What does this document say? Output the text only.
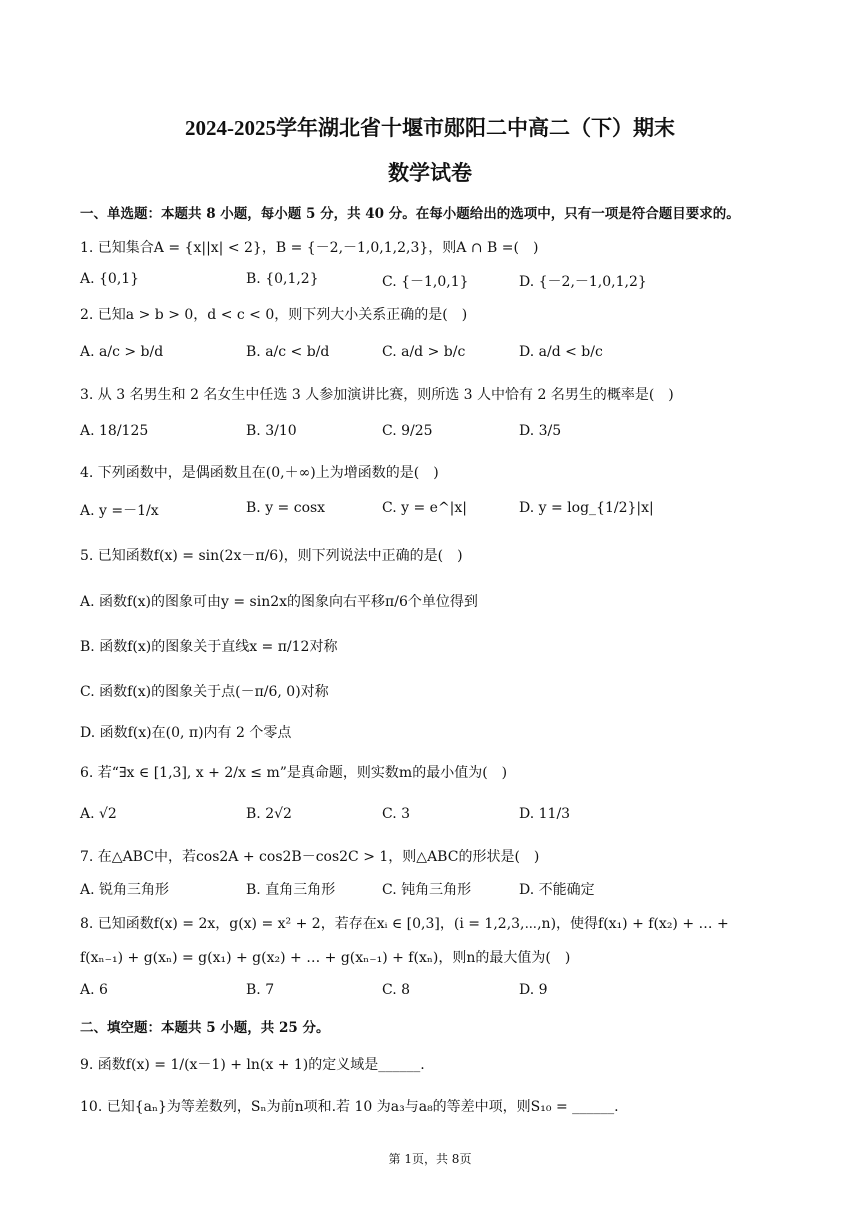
2024-2025学年湖北省十堰市郧阳二中高二（下）期末
数学试卷
一、单选题：本题共 8 小题，每小题 5 分，共 40 分。在每小题给出的选项中，只有一项是符合题目要求的。
1. 已知集合A = {x||x| < 2}，B = {－2,－1,0,1,2,3}，则A ∩ B =(　)
A. {0,1}	B. {0,1,2}	C. {－1,0,1}	D. {－2,－1,0,1,2}
2. 已知a > b > 0，d < c < 0，则下列大小关系正确的是(　)
A. a/c > b/d	B. a/c < b/d	C. a/d > b/c	D. a/d < b/c
3. 从 3 名男生和 2 名女生中任选 3 人参加演讲比赛，则所选 3 人中恰有 2 名男生的概率是(　)
A. 18/125	B. 3/10	C. 9/25	D. 3/5
4. 下列函数中，是偶函数且在(0,＋∞)上为增函数的是(　)
A. y =－1/x	B. y = cosx	C. y = e^|x|	D. y = log_{1/2}|x|
5. 已知函数f(x) = sin(2x－π/6)，则下列说法中正确的是(　)
A. 函数f(x)的图象可由y = sin2x的图象向右平移π/6个单位得到
B. 函数f(x)的图象关于直线x = π/12对称
C. 函数f(x)的图象关于点(－π/6, 0)对称
D. 函数f(x)在(0, π)内有 2 个零点
6. 若“∃x ∈ [1,3], x + 2/x ≤ m”是真命题，则实数m的最小值为(　)
A. √2	B. 2√2	C. 3	D. 11/3
7. 在△ABC中，若cos2A + cos2B－cos2C > 1，则△ABC的形状是(　)
A. 锐角三角形	B. 直角三角形	C. 钝角三角形	D. 不能确定
8. 已知函数f(x) = 2x，g(x) = x² + 2，若存在xᵢ ∈ [0,3]，(i = 1,2,3,⋯,n)，使得f(x₁) + f(x₂) + … +
f(xₙ₋₁) + g(xₙ) = g(x₁) + g(x₂) + … + g(xₙ₋₁) + f(xₙ)，则n的最大值为(　)
A. 6	B. 7	C. 8	D. 9
二、填空题：本题共 5 小题，共 25 分。
9. 函数f(x) = 1/(x－1) + ln(x + 1)的定义域是______.
10. 已知{aₙ}为等差数列，Sₙ为前n项和.若 10 为a₃与a₈的等差中项，则S₁₀ = ______.
第 1页，共 8页
